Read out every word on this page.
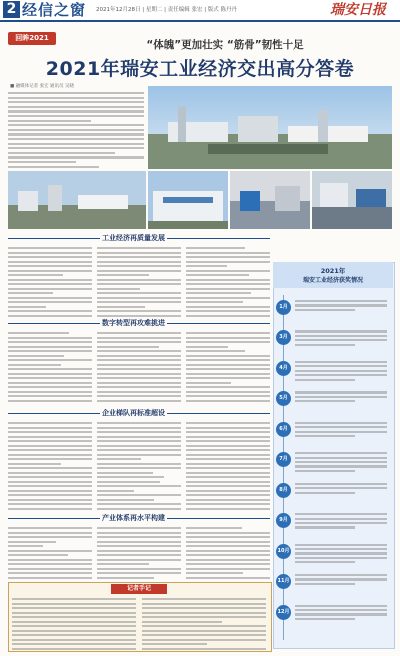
2 经信之窗 2021年12月28日 | 星期二 | 责任编辑 张宏 | 版式 陈丹丹	瑞安日报
回眸2021
“体魄”更加壮实 “筋骨”韧性十足
2021年瑞安工业经济交出高分答卷
■ 融媒体记者 张宏 通讯员 吴晓
工业经济再质量发展
数字转型再攻难挑进
企业梯队再标准超设
产业体系再水平构建
2021年
瑞安工业经济获奖情况
1月
3月
4月
5月
6月
7月
8月
9月
10月
11月
12月
记者手记
